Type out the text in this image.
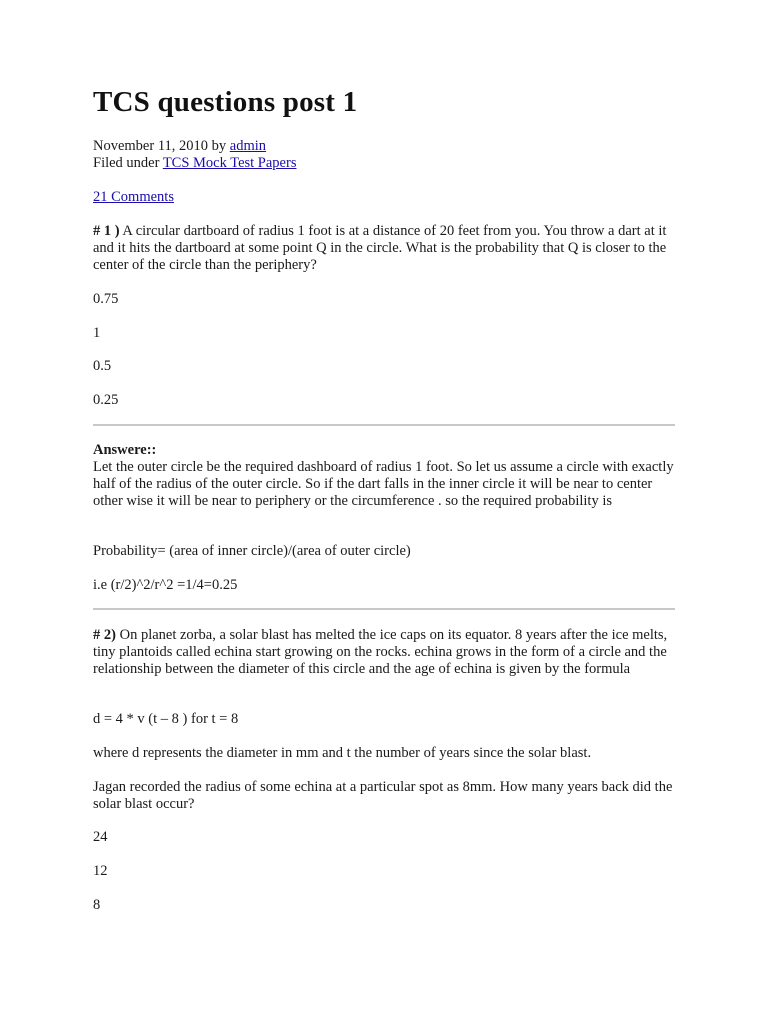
TCS questions post 1
November 11, 2010 by admin
Filed under TCS Mock Test Papers
21 Comments
# 1 ) A circular dartboard of radius 1 foot is at a distance of 20 feet from you. You throw a dart at it and it hits the dartboard at some point Q in the circle. What is the probability that Q is closer to the center of the circle than the periphery?
0.75
1
0.5
0.25
Answere::
Let the outer circle be the required dashboard of radius 1 foot. So let us assume a circle with exactly half of the radius of the outer circle. So if the dart falls in the inner circle it will be near to center other wise it will be near to periphery or the circumference . so the required probability is
Probability= (area of inner circle)/(area of outer circle)
i.e (r/2)^2/r^2 =1/4=0.25
# 2) On planet zorba, a solar blast has melted the ice caps on its equator. 8 years after the ice melts, tiny plantoids called echina start growing on the rocks. echina grows in the form of a circle and the relationship between the diameter of this circle and the age of echina is given by the formula
d = 4 * v (t – 8 ) for t = 8
where d represents the diameter in mm and t the number of years since the solar blast.
Jagan recorded the radius of some echina at a particular spot as 8mm. How many years back did the solar blast occur?
24
12
8
